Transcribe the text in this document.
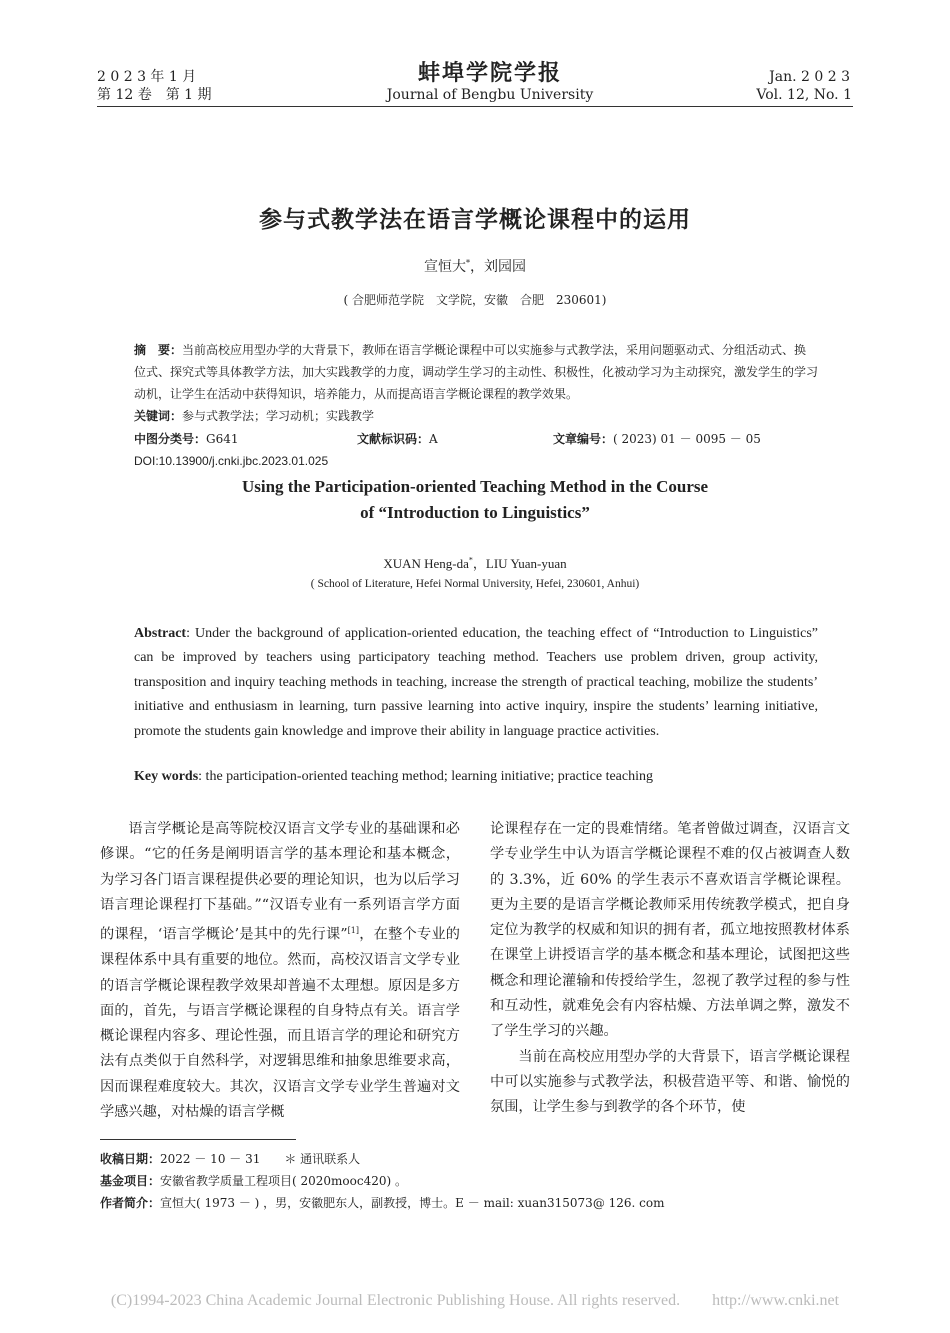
2 0 2 3 年 1 月
第 12 卷　第 1 期
蚌埠学院学报
Journal of Bengbu University
Jan. 2 0 2 3
Vol. 12, No. 1
参与式教学法在语言学概论课程中的运用
宣恒大*，刘园园
( 合肥师范学院　文学院，安徽　合肥　230601)
摘　要：当前高校应用型办学的大背景下，教师在语言学概论课程中可以实施参与式教学法，采用问题驱动式、分组活动式、换位式、探究式等具体教学方法，加大实践教学的力度，调动学生学习的主动性、积极性，化被动学习为主动探究，激发学生的学习动机，让学生在活动中获得知识，培养能力，从而提高语言学概论课程的教学效果。
关键词：参与式教学法；学习动机；实践教学
中图分类号：G641	文献标识码：A	文章编号：( 2023) 01 － 0095 － 05
DOI:10.13900/j.cnki.jbc.2023.01.025
Using the Participation-oriented Teaching Method in the Course
of “Introduction to Linguistics”
XUAN Heng-da*，LIU Yuan-yuan
( School of Literature, Hefei Normal University, Hefei, 230601, Anhui)
Abstract: Under the background of application-oriented education, the teaching effect of “Introduction to Linguistics” can be improved by teachers using participatory teaching method. Teachers use problem driven, group activity, transposition and inquiry teaching methods in teaching, increase the strength of practical teaching, mobilize the students’ initiative and enthusiasm in learning, turn passive learning into active inquiry, inspire the students’ learning initiative, promote the students gain knowledge and improve their ability in language practice activities.
Key words: the participation-oriented teaching method; learning initiative; practice teaching

语言学概论是高等院校汉语言文学专业的基础课和必修课。“它的任务是阐明语言学的基本理论和基本概念，为学习各门语言课程提供必要的理论知识，也为以后学习语言理论课程打下基础。”“汉语专业有一系列语言学方面的课程，‘语言学概论’是其中的先行课”[1]，在整个专业的课程体系中具有重要的地位。然而，高校汉语言文学专业的语言学概论课程教学效果却普遍不太理想。原因是多方面的，首先，与语言学概论课程的自身特点有关。语言学概论课程内容多、理论性强，而且语言学的理论和研究方法有点类似于自然科学，对逻辑思维和抽象思维要求高，因而课程难度较大。其次，汉语言文学专业学生普遍对文学感兴趣，对枯燥的语言学概

论课程存在一定的畏难情绪。笔者曾做过调查，汉语言文学专业学生中认为语言学概论课程不难的仅占被调查人数的 3.3%，近 60% 的学生表示不喜欢语言学概论课程。更为主要的是语言学概论教师采用传统教学模式，把自身定位为教学的权威和知识的拥有者，孤立地按照教材体系在课堂上讲授语言学的基本概念和基本理论，试图把这些概念和理论灌输和传授给学生，忽视了教学过程的参与性和互动性，就难免会有内容枯燥、方法单调之弊，激发不了学生学习的兴趣。

当前在高校应用型办学的大背景下，语言学概论课程中可以实施参与式教学法，积极营造平等、和谐、愉悦的氛围，让学生参与到教学的各个环节，使

收稿日期：2022 － 10 － 31　　＊ 通讯联系人
基金项目：安徽省教学质量工程项目( 2020mooc420) 。
作者简介：宣恒大( 1973 － ) ，男，安徽肥东人，副教授，博士。E － mail: xuan315073@ 126. com
(C)1994-2023 China Academic Journal Electronic Publishing House. All rights reserved.　　http://www.cnki.net
